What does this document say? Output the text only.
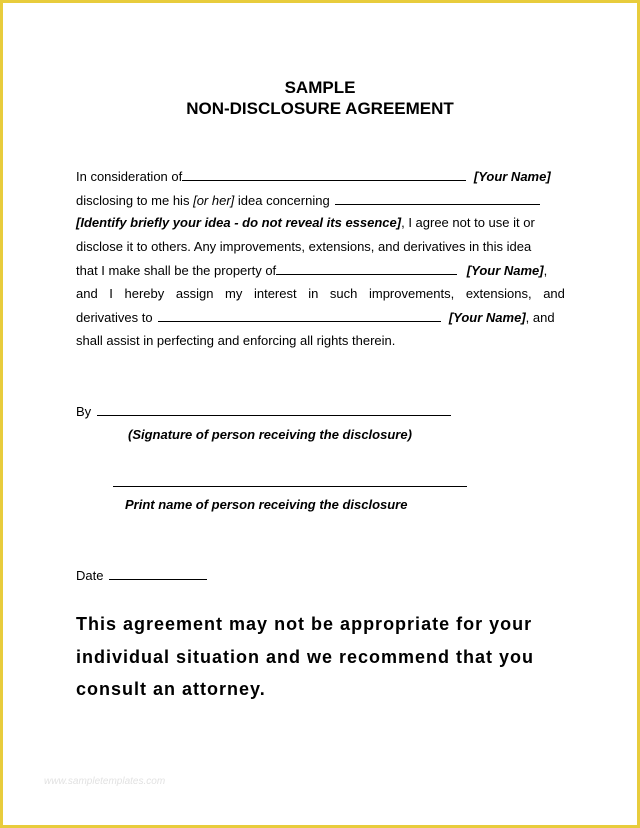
SAMPLE
NON-DISCLOSURE AGREEMENT
In consideration of	[Your Name]
disclosing to me his [or her] idea concerning
[Identify briefly your idea - do not reveal its essence], I agree not to use it or
disclose it to others. Any improvements, extensions, and derivatives in this idea
that I make shall be the property of	[Your Name],
and I hereby assign my interest in such improvements, extensions, and
derivatives to	[Your Name], and
shall assist in perfecting and enforcing all rights therein.
By
(Signature of person receiving the disclosure)
Print name of person receiving the disclosure
Date
This agreement may not be appropriate for your
individual situation and we recommend that you
consult an attorney.
www.sampletemplates.com
